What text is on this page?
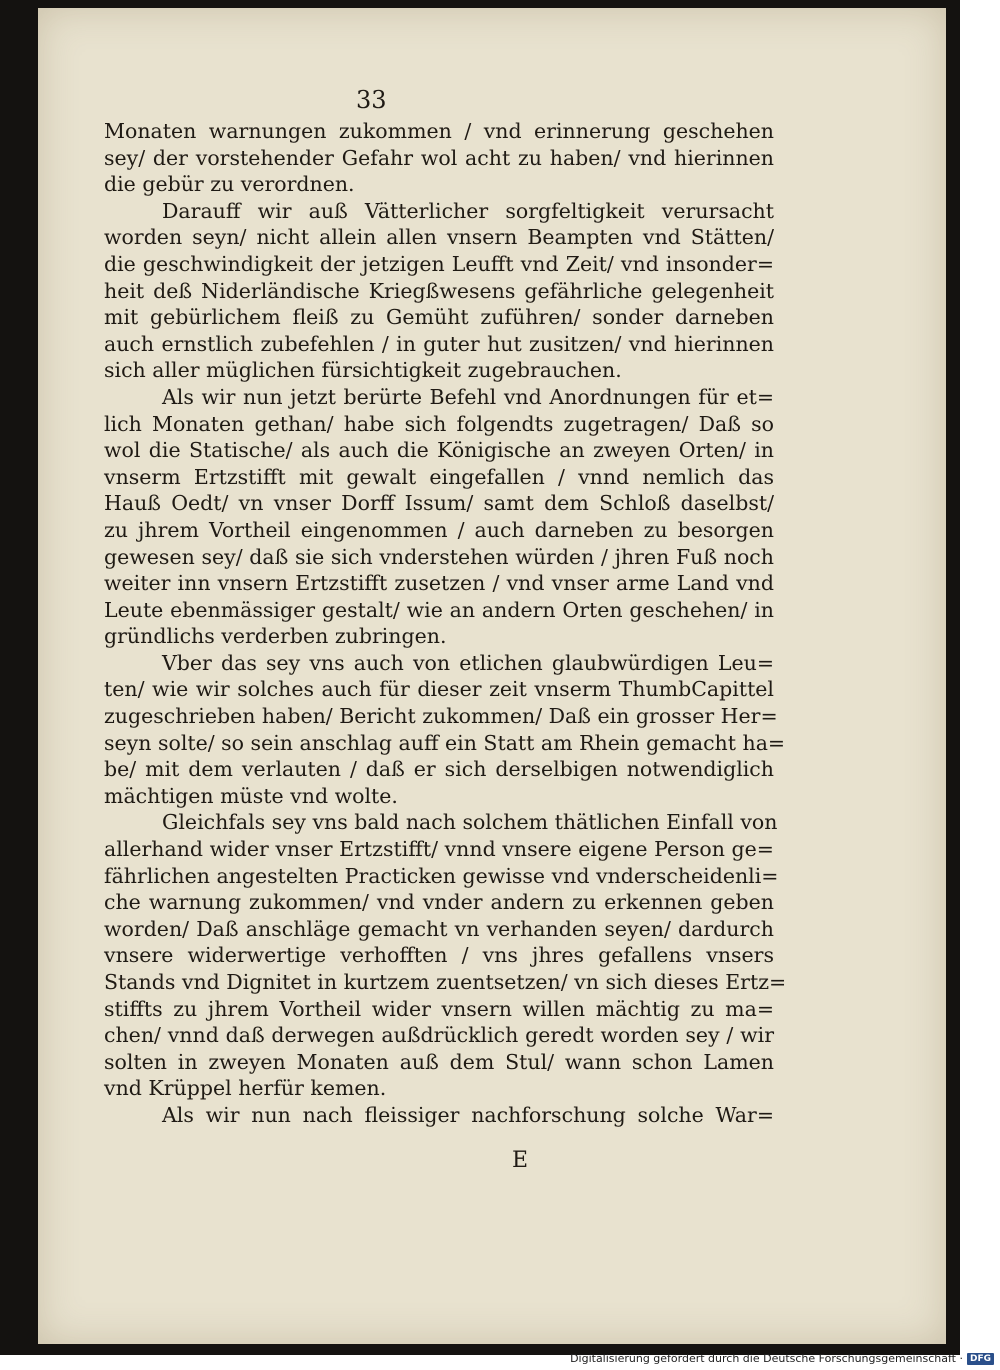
33
Monaten warnungen zukommen / vnd erinnerung geschehen
sey/ der vorstehender Gefahr wol acht zu haben/ vnd hierinnen
die gebür zu verordnen.
Darauff wir auß Vätterlicher sorgfeltigkeit verursacht
worden seyn/ nicht allein allen vnsern Beampten vnd Stätten/
die geschwindigkeit der jetzigen Leufft vnd Zeit/ vnd insonder=
heit deß Niderländische Kriegßwesens gefährliche gelegenheit
mit gebürlichem fleiß zu Gemüht zuführen/ sonder darneben
auch ernstlich zubefehlen / in guter hut zusitzen/ vnd hierinnen
sich aller müglichen fürsichtigkeit zugebrauchen.
Als wir nun jetzt berürte Befehl vnd Anordnungen für et=
lich Monaten gethan/ habe sich folgendts zugetragen/ Daß so
wol die Statische/ als auch die Königische an zweyen Orten/ in
vnserm Ertzstifft mit gewalt eingefallen / vnnd nemlich das
Hauß Oedt/ vn vnser Dorff Issum/ samt dem Schloß daselbst/
zu jhrem Vortheil eingenommen / auch darneben zu besorgen
gewesen sey/ daß sie sich vnderstehen würden / jhren Fuß noch
weiter inn vnsern Ertzstifft zusetzen / vnd vnser arme Land vnd
Leute ebenmässiger gestalt/ wie an andern Orten geschehen/ in
gründlichs verderben zubringen.
Vber das sey vns auch von etlichen glaubwürdigen Leu=
ten/ wie wir solches auch für dieser zeit vnserm ThumbCapittel
zugeschrieben haben/ Bericht zukommen/ Daß ein grosser Her=
seyn solte/ so sein anschlag auff ein Statt am Rhein gemacht ha=
be/ mit dem verlauten / daß er sich derselbigen notwendiglich
mächtigen müste vnd wolte.
Gleichfals sey vns bald nach solchem thätlichen Einfall von
allerhand wider vnser Ertzstifft/ vnnd vnsere eigene Person ge=
fährlichen angestelten Practicken gewisse vnd vnderscheidenli=
che warnung zukommen/ vnd vnder andern zu erkennen geben
worden/ Daß anschläge gemacht vn verhanden seyen/ dardurch
vnsere widerwertige verhofften / vns jhres gefallens vnsers
Stands vnd Dignitet in kurtzem zuentsetzen/ vn sich dieses Ertz=
stiffts zu jhrem Vortheil wider vnsern willen mächtig zu ma=
chen/ vnnd daß derwegen außdrücklich geredt worden sey / wir
solten in zweyen Monaten auß dem Stul/ wann schon Lamen
vnd Krüppel herfür kemen.
Als wir nun nach fleissiger nachforschung solche War=
E
Digitalisierung gefördert durch die Deutsche Forschungsgemeinschaft · DFG
